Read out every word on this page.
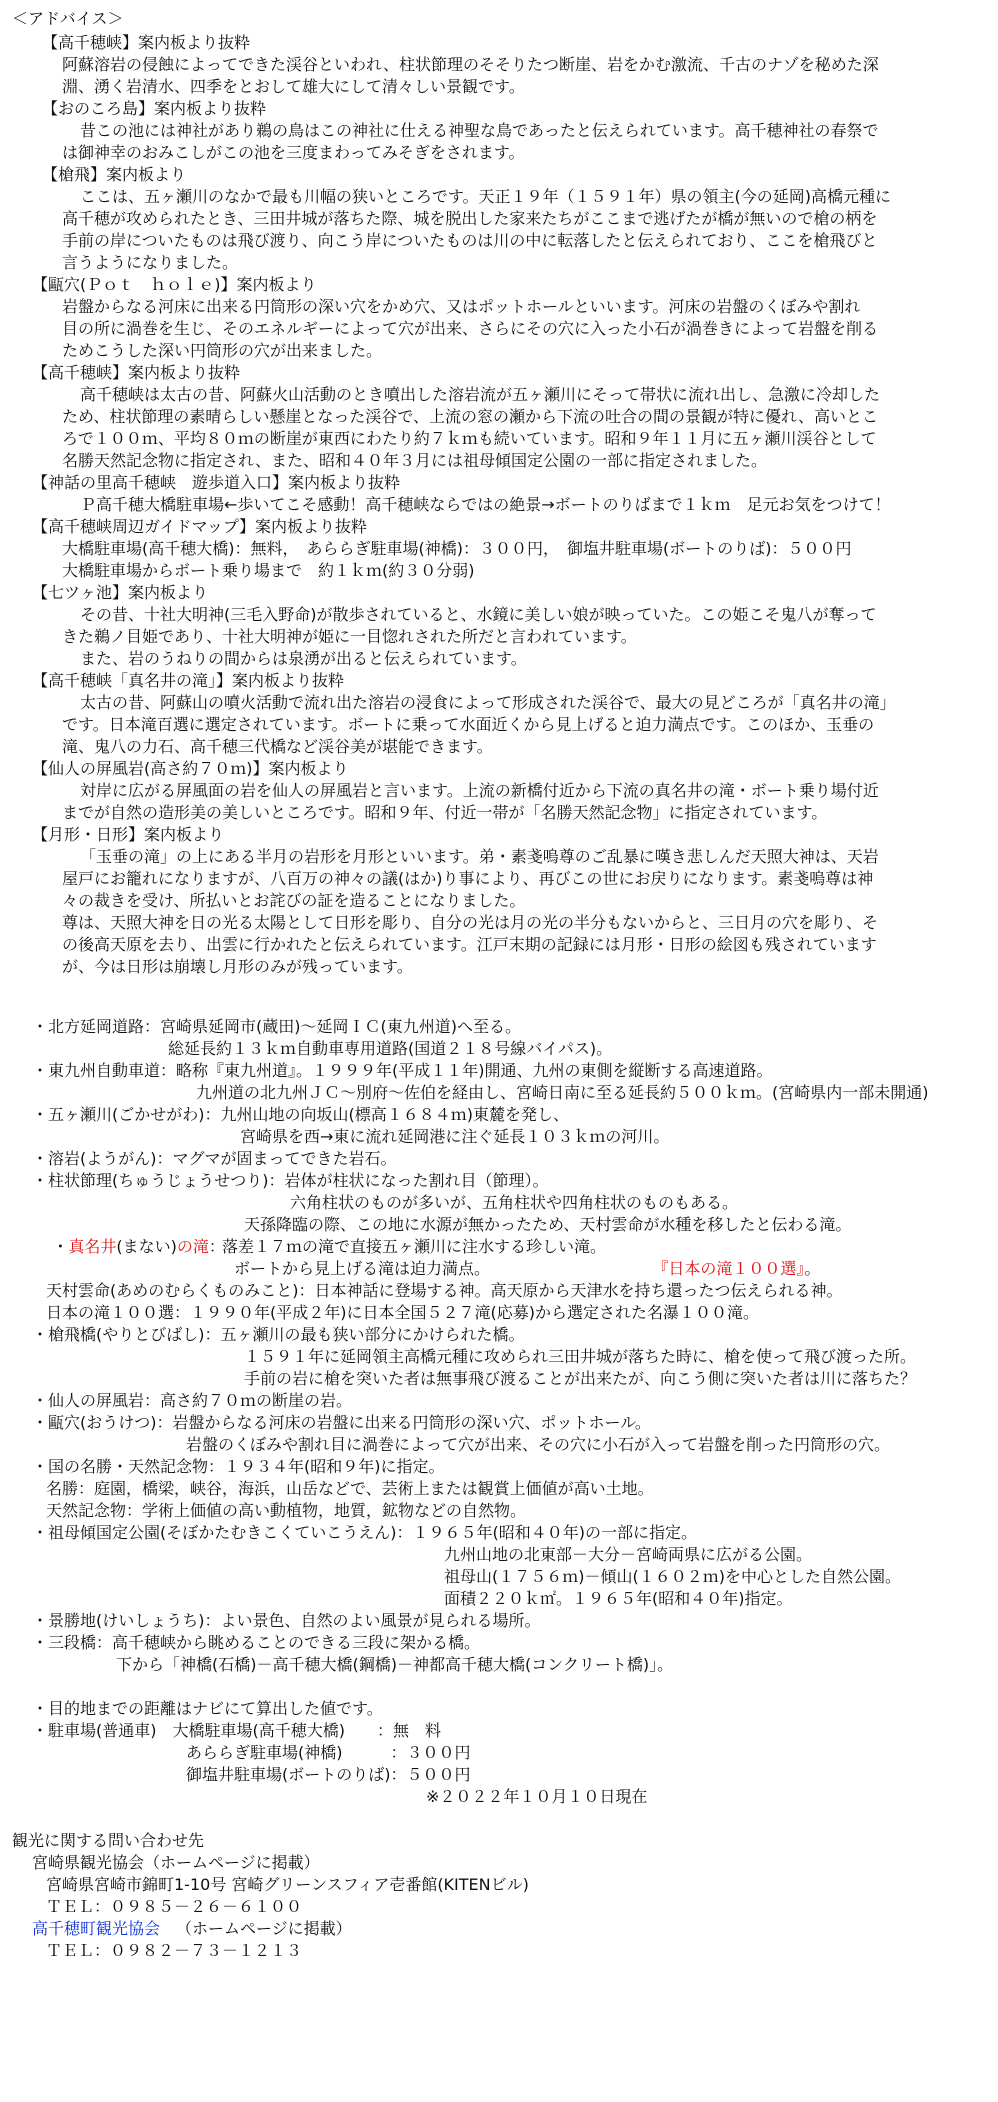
＜アドバイス＞
【高千穂峡】案内板より抜粋
阿蘇溶岩の侵蝕によってできた渓谷といわれ、柱状節理のそそりたつ断崖、岩をかむ激流、千古のナゾを秘めた深
淵、湧く岩清水、四季をとおして雄大にして清々しい景観です。
【おのころ島】案内板より抜粋
昔この池には神社があり鵜の鳥はこの神社に仕える神聖な鳥であったと伝えられています。高千穂神社の春祭で
は御神幸のおみこしがこの池を三度まわってみそぎをされます。
【槍飛】案内板より
ここは、五ヶ瀬川のなかで最も川幅の狭いところです。天正１９年（１５９１年）県の領主(今の延岡)高橋元種に
高千穂が攻められたとき、三田井城が落ちた際、城を脱出した家来たちがここまで逃げたが橋が無いので槍の柄を
手前の岸についたものは飛び渡り、向こう岸についたものは川の中に転落したと伝えられており、ここを槍飛びと
言うようになりました。
【甌穴(Ｐｏｔ　ｈｏｌｅ)】案内板より
岩盤からなる河床に出来る円筒形の深い穴をかめ穴、又はポットホールといいます。河床の岩盤のくぼみや割れ
目の所に渦巻を生じ、そのエネルギーによって穴が出来、さらにその穴に入った小石が渦巻きによって岩盤を削る
ためこうした深い円筒形の穴が出来ました。
【高千穂峡】案内板より抜粋
高千穂峡は太古の昔、阿蘇火山活動のとき噴出した溶岩流が五ヶ瀬川にそって帯状に流れ出し、急激に冷却した
ため、柱状節理の素晴らしい懸崖となった渓谷で、上流の窓の瀬から下流の吐合の間の景観が特に優れ、高いとこ
ろで１００ｍ、平均８０ｍの断崖が東西にわたり約７ｋｍも続いています。昭和９年１１月に五ヶ瀬川渓谷として
名勝天然記念物に指定され、また、昭和４０年３月には祖母傾国定公園の一部に指定されました。
【神話の里高千穂峡　遊歩道入口】案内板より抜粋
Ｐ高千穂大橋駐車場←歩いてこそ感動！高千穂峡ならではの絶景→ボートのりばまで１ｋｍ　足元お気をつけて！
【高千穂峡周辺ガイドマップ】案内板より抜粋
大橋駐車場(高千穂大橋)：無料，　あららぎ駐車場(神橋)：３００円，　御塩井駐車場(ボートのりば)：５００円
大橋駐車場からボート乗り場まで　約１ｋｍ(約３０分弱)
【七ツヶ池】案内板より
その昔、十社大明神(三毛入野命)が散歩されていると、水鏡に美しい娘が映っていた。この姫こそ鬼八が奪って
きた鵜ノ目姫であり、十社大明神が姫に一目惚れされた所だと言われています。
また、岩のうねりの間からは泉湧が出ると伝えられています。
【高千穂峡「真名井の滝」】案内板より抜粋
太古の昔、阿蘇山の噴火活動で流れ出た溶岩の浸食によって形成された渓谷で、最大の見どころが「真名井の滝」
です。日本滝百選に選定されています。ボートに乗って水面近くから見上げると迫力満点です。このほか、玉垂の
滝、鬼八の力石、高千穂三代橋など渓谷美が堪能できます。
【仙人の屏風岩(高さ約７０ｍ)】案内板より
対岸に広がる屏風面の岩を仙人の屏風岩と言います。上流の新橋付近から下流の真名井の滝・ボート乗り場付近
までが自然の造形美の美しいところです。昭和９年、付近一帯が「名勝天然記念物」に指定されています。
【月形・日形】案内板より
「玉垂の滝」の上にある半月の岩形を月形といいます。弟・素戔嗚尊のご乱暴に嘆き悲しんだ天照大神は、天岩
屋戸にお籠れになりますが、八百万の神々の議(はか)り事により、再びこの世にお戻りになります。素戔嗚尊は神
々の裁きを受け、所払いとお詫びの証を造ることになりました。
尊は、天照大神を日の光る太陽として日形を彫り、自分の光は月の光の半分もないからと、三日月の穴を彫り、そ
の後高天原を去り、出雲に行かれたと伝えられています。江戸末期の記録には月形・日形の絵図も残されています
が、今は日形は崩壊し月形のみが残っています。
・北方延岡道路：宮崎県延岡市(蔵田)～延岡ＩＣ(東九州道)へ至る。
総延長約１３ｋｍ自動車専用道路(国道２１８号線バイパス)。
・東九州自動車道：略称『東九州道』。１９９９年(平成１１年)開通、九州の東側を縦断する高速道路。
九州道の北九州ＪＣ～別府～佐伯を経由し、宮崎日南に至る延長約５００ｋｍ。(宮崎県内一部未開通)
・五ヶ瀬川(ごかせがわ)：九州山地の向坂山(標高１６８４ｍ)東麓を発し、
宮崎県を西→東に流れ延岡港に注ぐ延長１０３ｋｍの河川。
・溶岩(ようがん)：マグマが固まってできた岩石。
・柱状節理(ちゅうじょうせつり)：岩体が柱状になった割れ目（節理）。
六角柱状のものが多いが、五角柱状や四角柱状のものもある。
天孫降臨の際、この地に水源が無かったため、天村雲命が水種を移したと伝わる滝。
落差１７ｍの滝で直接五ヶ瀬川に注水する珍しい滝。
ボートから見上げる滝は迫力満点。
天村雲命(あめのむらくものみこと)：日本神話に登場する神。高天原から天津水を持ち還ったつ伝えられる神。
日本の滝１００選：１９９０年(平成２年)に日本全国５２７滝(応募)から選定された名瀑１００滝。
・槍飛橋(やりとびばし)：五ヶ瀬川の最も狭い部分にかけられた橋。
１５９１年に延岡領主高橋元種に攻められ三田井城が落ちた時に、槍を使って飛び渡った所。
手前の岩に槍を突いた者は無事飛び渡ることが出来たが、向こう側に突いた者は川に落ちた？
・仙人の屏風岩：高さ約７０ｍの断崖の岩。
・甌穴(おうけつ)：岩盤からなる河床の岩盤に出来る円筒形の深い穴、ポットホール。
岩盤のくぼみや割れ目に渦巻によって穴が出来、その穴に小石が入って岩盤を削った円筒形の穴。
・国の名勝・天然記念物：１９３４年(昭和９年)に指定。
名勝：庭園，橋梁，峡谷，海浜，山岳などで、芸術上または観賞上価値が高い土地。
天然記念物：学術上価値の高い動植物，地質，鉱物などの自然物。
・祖母傾国定公園(そぼかたむきこくていこうえん)：１９６５年(昭和４０年)の一部に指定。
九州山地の北東部－大分－宮崎両県に広がる公園。
祖母山(１７５６ｍ)－傾山(１６０２ｍ)を中心とした自然公園。
面積２２０ｋ㎡。１９６５年(昭和４０年)指定。
・景勝地(けいしょうち)：よい景色、自然のよい風景が見られる場所。
・三段橋：高千穂峡から眺めることのできる三段に架かる橋。
下から「神橋(石橋)－高千穂大橋(鋼橋)－神都高千穂大橋(コンクリート橋)」。

・真名井(まない)の滝：

『日本の滝１００選』。

・目的地までの距離はナビにて算出した値です。
・駐車場(普通車)　大橋駐車場(高千穂大橋)　　：無　料
あららぎ駐車場(神橋)　　　：３００円
御塩井駐車場(ボートのりば)：５００円
※２０２２年１０月１０日現在
観光に関する問い合わせ先
宮崎県観光協会（ホームページに掲載）
宮崎県宮崎市錦町1-10号 宮崎グリーンスフィア壱番館(KITENビル)
ＴＥＬ：０９８５－２６－６１００
高千穂町観光協会
ＴＥＬ：０９８２－７３－１２１３
（ホームページに掲載）
